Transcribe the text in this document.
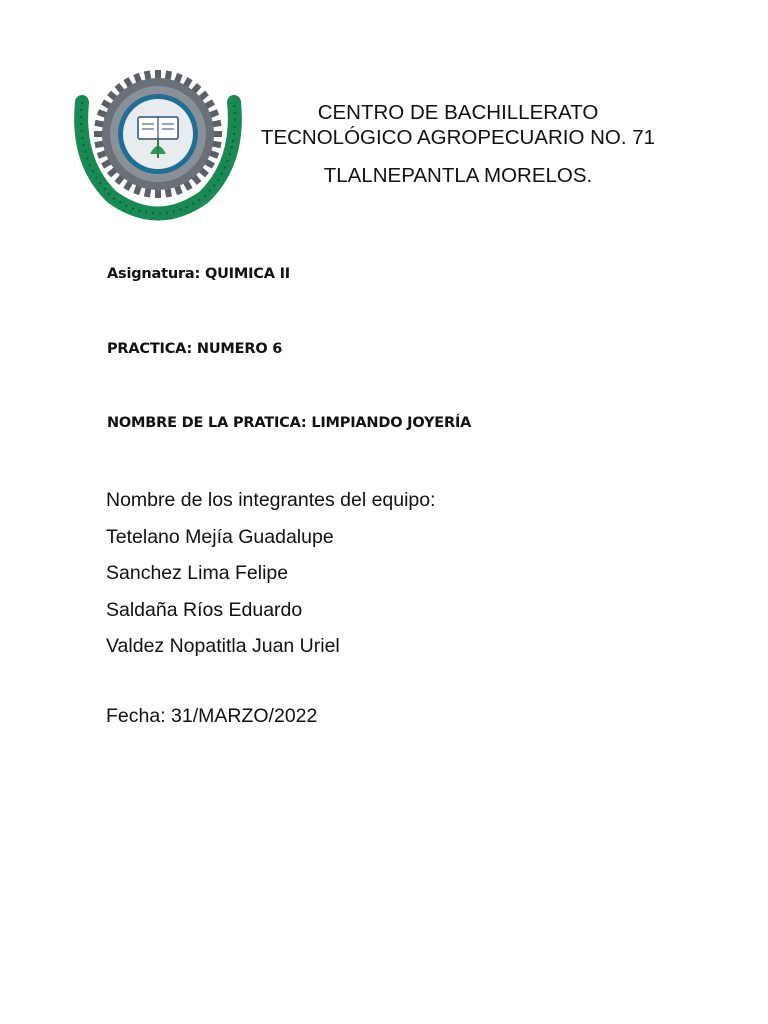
CENTRO DE BACHILLERATO
TECNOLÓGICO AGROPECUARIO NO. 71
TLALNEPANTLA MORELOS.
Asignatura: QUIMICA II
PRACTICA: NUMERO 6
NOMBRE DE LA PRATICA: LIMPIANDO JOYERÍA
Nombre de los integrantes del equipo:
Tetelano Mejía Guadalupe
Sanchez Lima Felipe
Saldaña Ríos Eduardo
Valdez Nopatitla Juan Uriel
Fecha: 31/MARZO/2022
